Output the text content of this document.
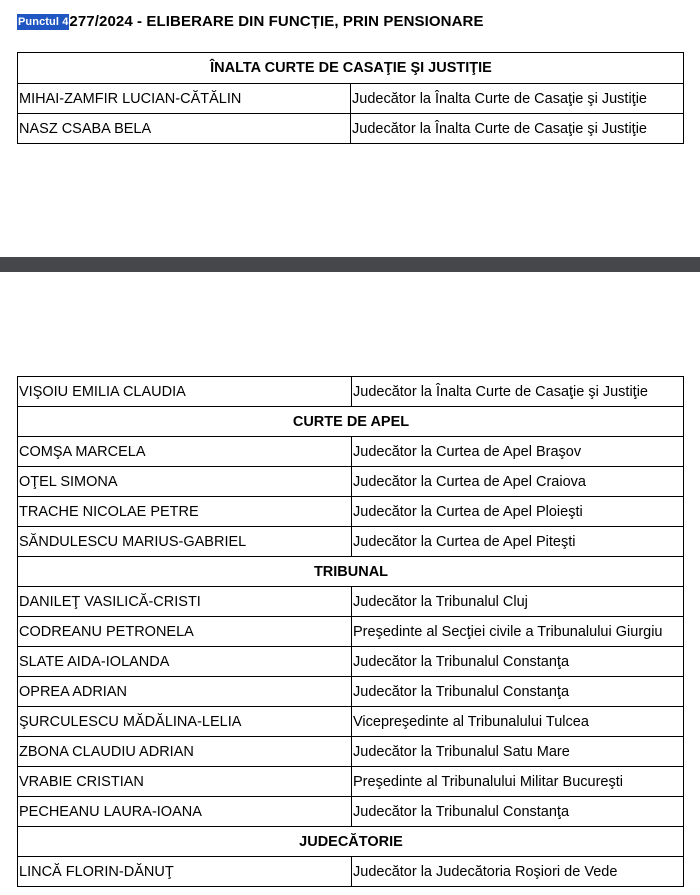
Punctul 4277/2024 - ELIBERARE DIN FUNCȚIE, PRIN PENSIONARE
ÎNALTA CURTE DE CASAŢIE ŞI JUSTIŢIE	
MIHAI-ZAMFIR LUCIAN-CĂTĂLIN	Judecător la Înalta Curte de Casaţie şi Justiţie
NASZ CSABA BELA	Judecător la Înalta Curte de Casaţie şi Justiţie
VIŞOIU EMILIA CLAUDIA	Judecător la Înalta Curte de Casaţie şi Justiţie
CURTE DE APEL	
COMŞA MARCELA	Judecător la Curtea de Apel Braşov
OŢEL SIMONA	Judecător la Curtea de Apel Craiova
TRACHE NICOLAE PETRE	Judecător la Curtea de Apel Ploieşti
SĂNDULESCU MARIUS-GABRIEL	Judecător la Curtea de Apel Piteşti
TRIBUNAL	
DANILEŢ VASILICĂ-CRISTI	Judecător la Tribunalul Cluj
CODREANU PETRONELA	Preşedinte al Secţiei civile a Tribunalului Giurgiu
SLATE AIDA-IOLANDA	Judecător la Tribunalul Constanţa
OPREA ADRIAN	Judecător la Tribunalul Constanţa
ŞURCULESCU MĂDĂLINA-LELIA	Vicepreşedinte al Tribunalului Tulcea
ZBONA CLAUDIU ADRIAN	Judecător la Tribunalul Satu Mare
VRABIE CRISTIAN	Preşedinte al Tribunalului Militar Bucureşti
PECHEANU LAURA-IOANA	Judecător la Tribunalul Constanţa
JUDECĂTORIE	
LINCĂ FLORIN-DĂNUŢ	Judecător la Judecătoria Roşiori de Vede
